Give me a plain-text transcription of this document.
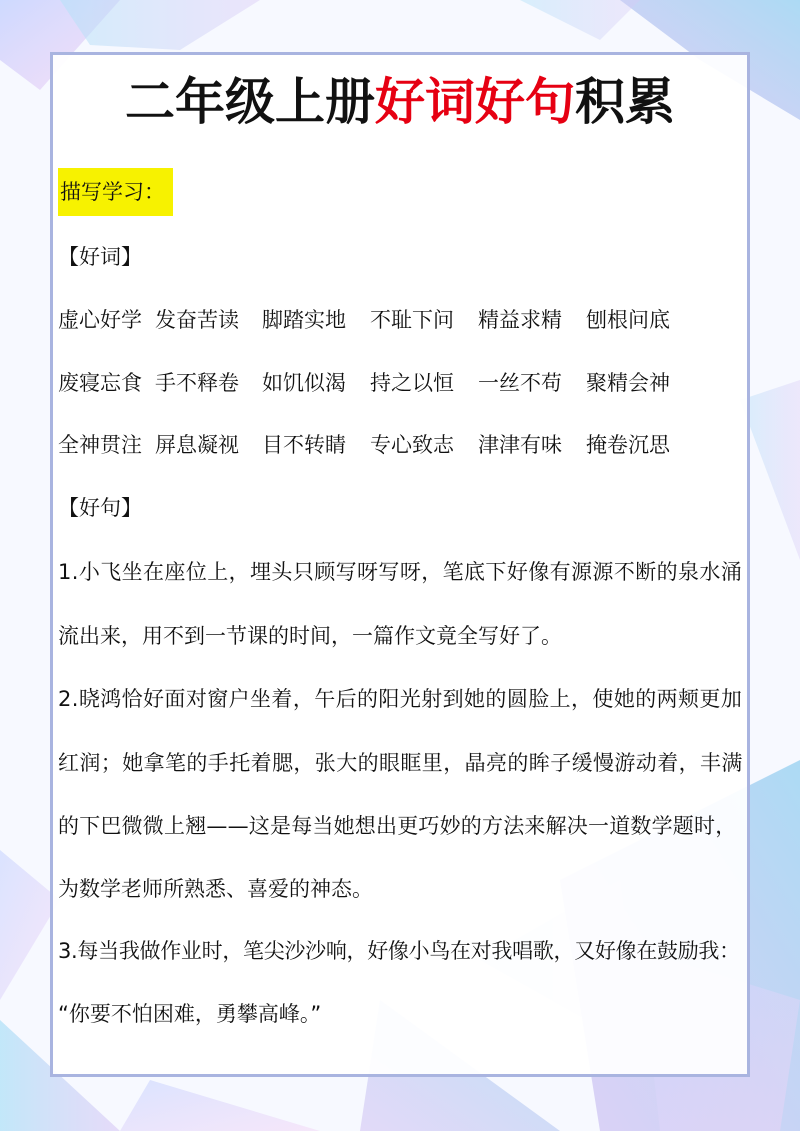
二年级上册好词好句积累
描写学习：
【好词】
虚心好学 发奋苦读 脚踏实地 不耻下问 精益求精 刨根问底
废寝忘食 手不释卷 如饥似渴 持之以恒 一丝不苟 聚精会神
全神贯注 屏息凝视 目不转睛 专心致志 津津有味 掩卷沉思
【好句】
1.小飞坐在座位上，埋头只顾写呀写呀，笔底下好像有源源不断的泉水涌
流出来，用不到一节课的时间，一篇作文竟全写好了。
2.晓鸿恰好面对窗户坐着，午后的阳光射到她的圆脸上，使她的两颊更加
红润；她拿笔的手托着腮，张大的眼眶里，晶亮的眸子缓慢游动着，丰满
的下巴微微上翘——这是每当她想出更巧妙的方法来解决一道数学题时，
为数学老师所熟悉、喜爱的神态。
3.每当我做作业时，笔尖沙沙响，好像小鸟在对我唱歌，又好像在鼓励我：
“你要不怕困难，勇攀高峰。”
